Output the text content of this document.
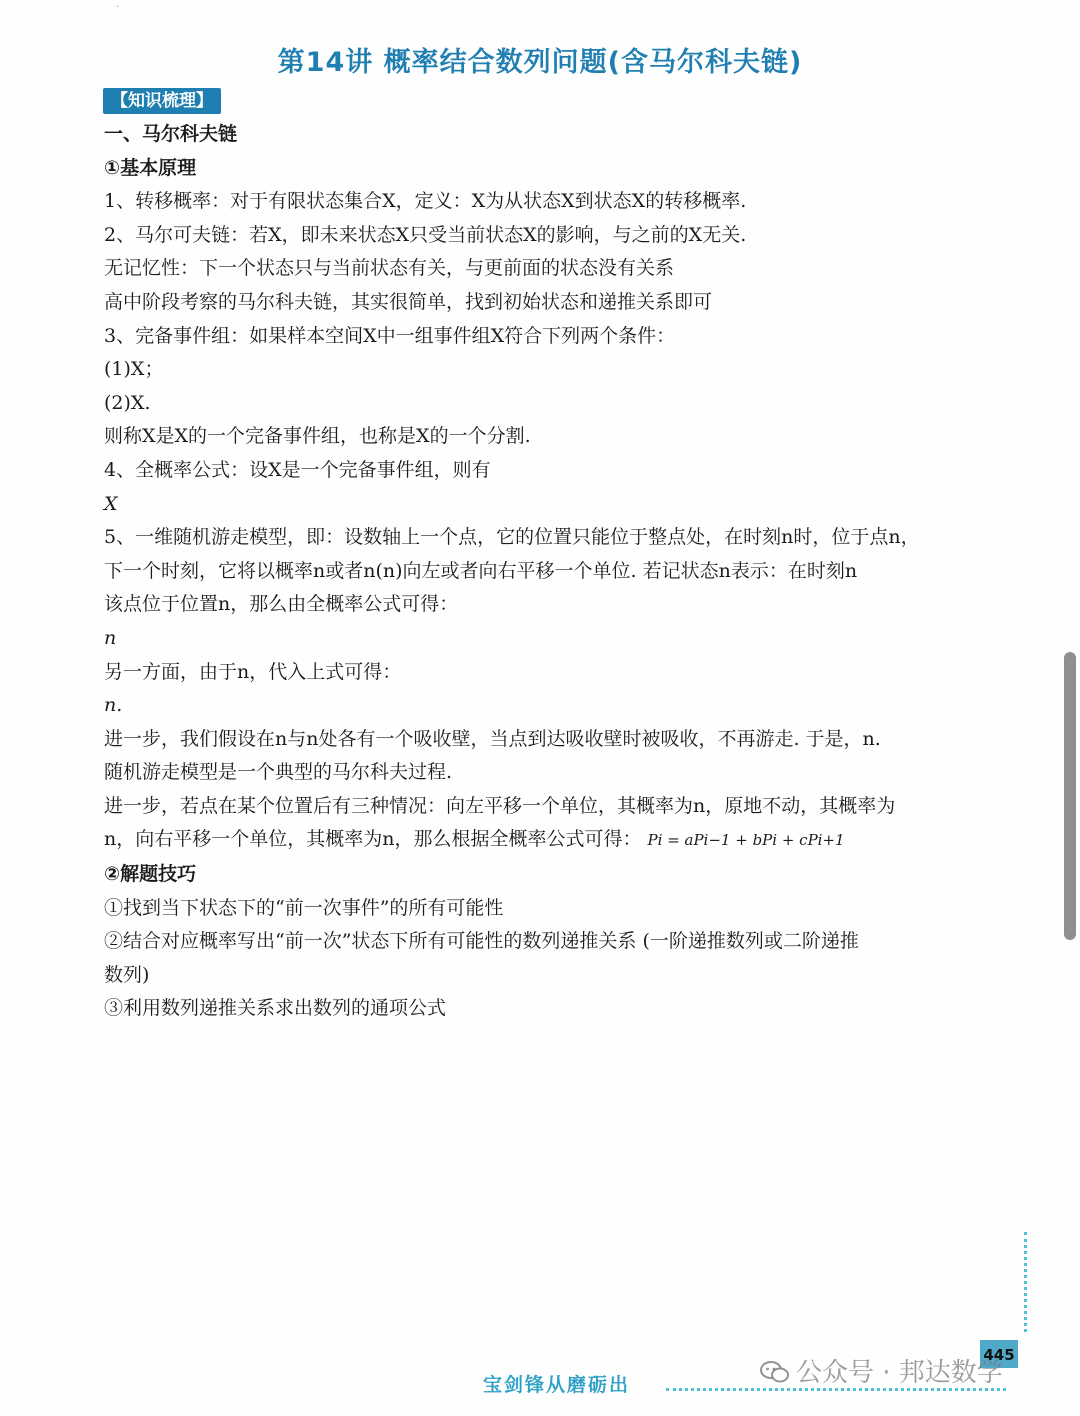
·
第14讲 概率结合数列问题(含马尔科夫链)
【知识梳理】
一、马尔科夫链
①基本原理
1、转移概率：对于有限状态集合X，定义：X为从状态X到状态X的转移概率.
2、马尔可夫链：若X，即未来状态X只受当前状态X的影响，与之前的X无关.
无记忆性：下一个状态只与当前状态有关，与更前面的状态没有关系
高中阶段考察的马尔科夫链，其实很简单，找到初始状态和递推关系即可
3、完备事件组：如果样本空间X中一组事件组X符合下列两个条件：
(1)X；
(2)X.
则称X是X的一个完备事件组，也称是X的一个分割.
4、全概率公式：设X是一个完备事件组，则有
X
5、一维随机游走模型，即：设数轴上一个点，它的位置只能位于整点处，在时刻n时，位于点n，
下一个时刻，它将以概率n或者n(n)向左或者向右平移一个单位. 若记状态n表示：在时刻n
该点位于位置n，那么由全概率公式可得：
n
另一方面，由于n，代入上式可得：
n.
进一步，我们假设在n与n处各有一个吸收壁，当点到达吸收壁时被吸收，不再游走. 于是，n.
随机游走模型是一个典型的马尔科夫过程.
进一步，若点在某个位置后有三种情况：向左平移一个单位，其概率为n，原地不动，其概率为
n，向右平移一个单位，其概率为n，那么根据全概率公式可得： Pi = aPi−1 + bPi + cPi+1
②解题技巧
①找到当下状态下的“前一次事件”的所有可能性
②结合对应概率写出“前一次”状态下所有可能性的数列递推关系 (一阶递推数列或二阶递推
数列)
③利用数列递推关系求出数列的通项公式
445
宝剑锋从磨砺出	公众号 · 邦达数学
